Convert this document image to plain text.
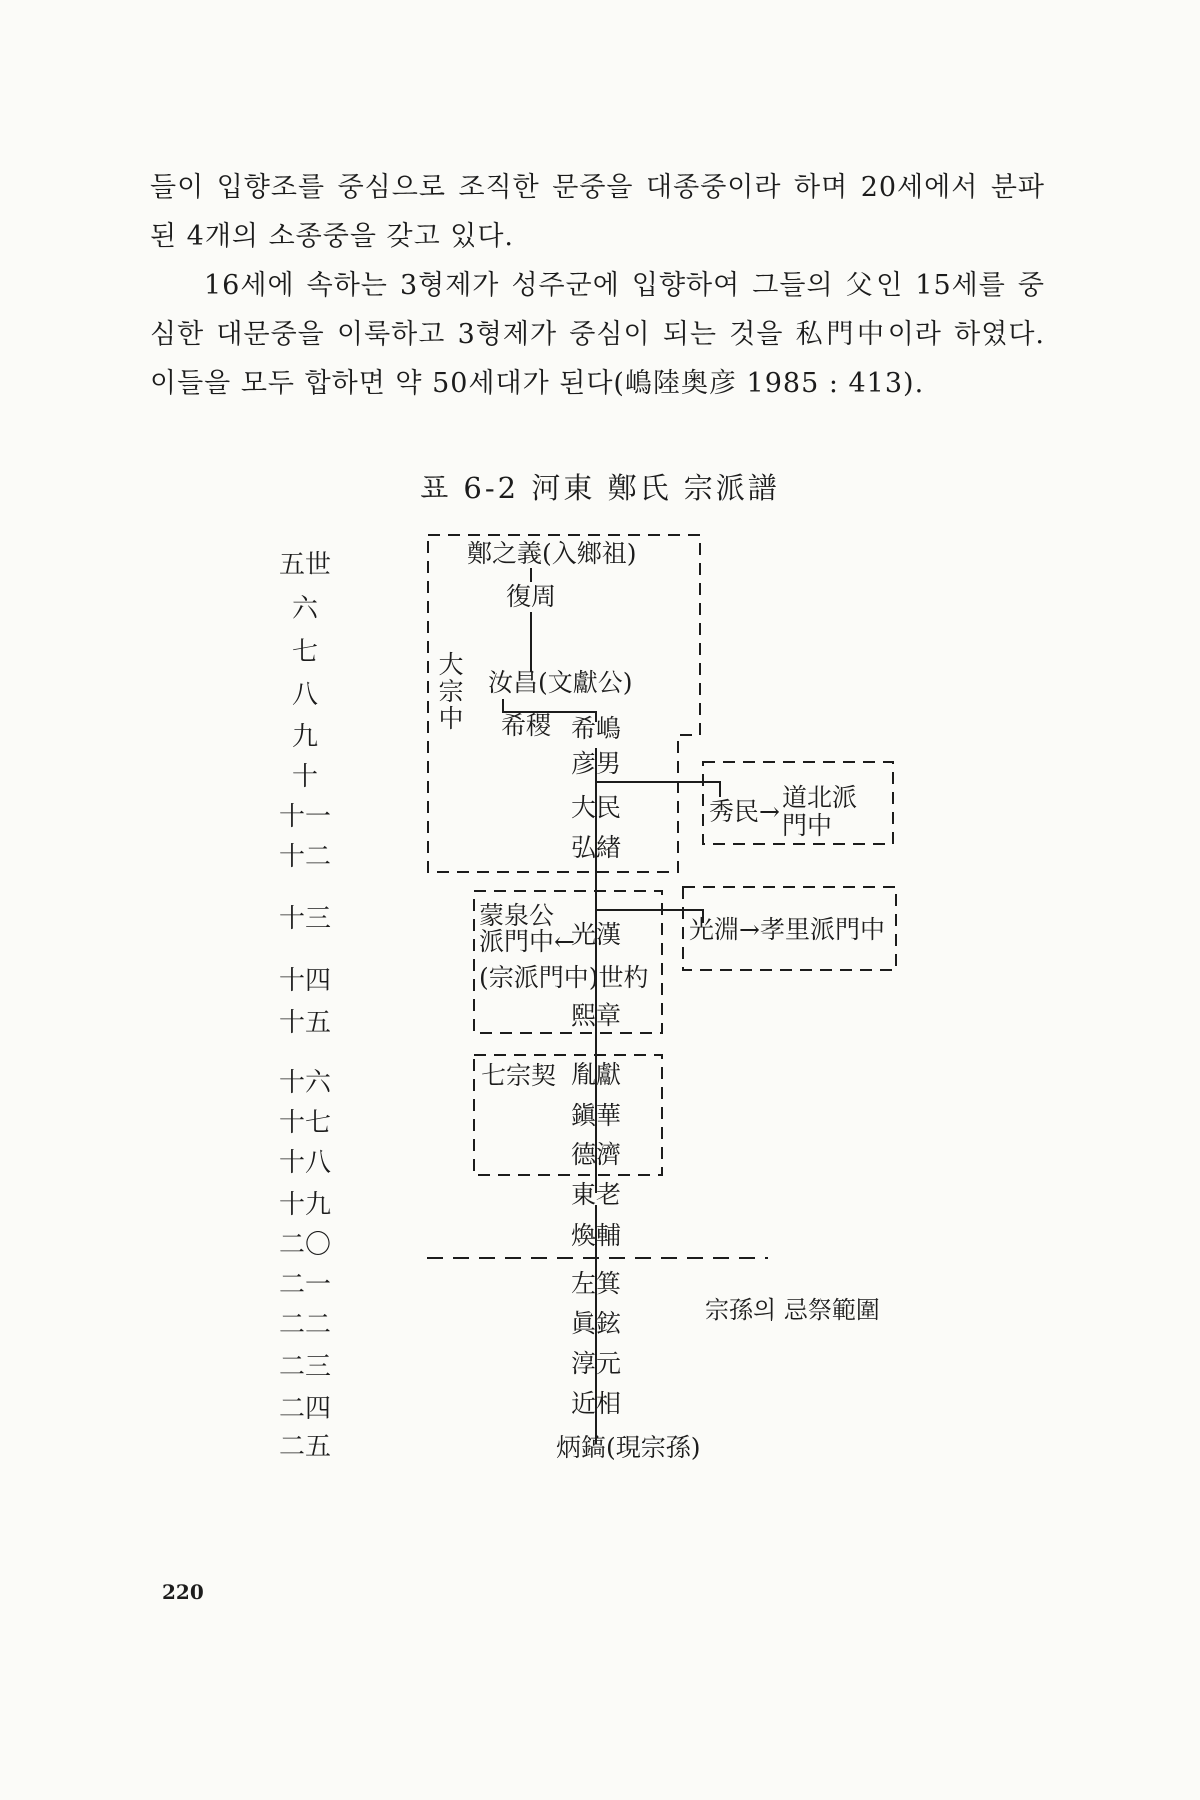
들이 입향조를 중심으로 조직한 문중을 대종중이라 하며 20세에서 분파된 4개의 소종중을 갖고 있다.
16세에 속하는 3형제가 성주군에 입향하여 그들의 父인 15세를 중심한 대문중을 이룩하고 3형제가 중심이 되는 것을 私門中이라 하였다. 이들을 모두 합하면 약 50세대가 된다(嶋陸奥彦 1985 : 413).
표 6-2 河東 鄭氏 宗派譜
五世
六
七
八
九
十
十一
十二
十三
十四
十五
十六
十七
十八
十九
二〇
二一
二二
二三
二四
二五
鄭之義(入鄉祖)
復周
汝昌(文獻公)
希稷 希嶋
彦男
大民	秀民→
弘緖
光漢	光淵→孝里派門中
(宗派門中)世杓
熙章
胤獻
鎭華
德濟
東老
煥輔
左箕
眞鉉
淳元
近相
炳鎬(現宗孫)
大
宗
中
道北派
門中
蒙泉公
派門中←
七宗契
宗孫의 忌祭範圍
220
